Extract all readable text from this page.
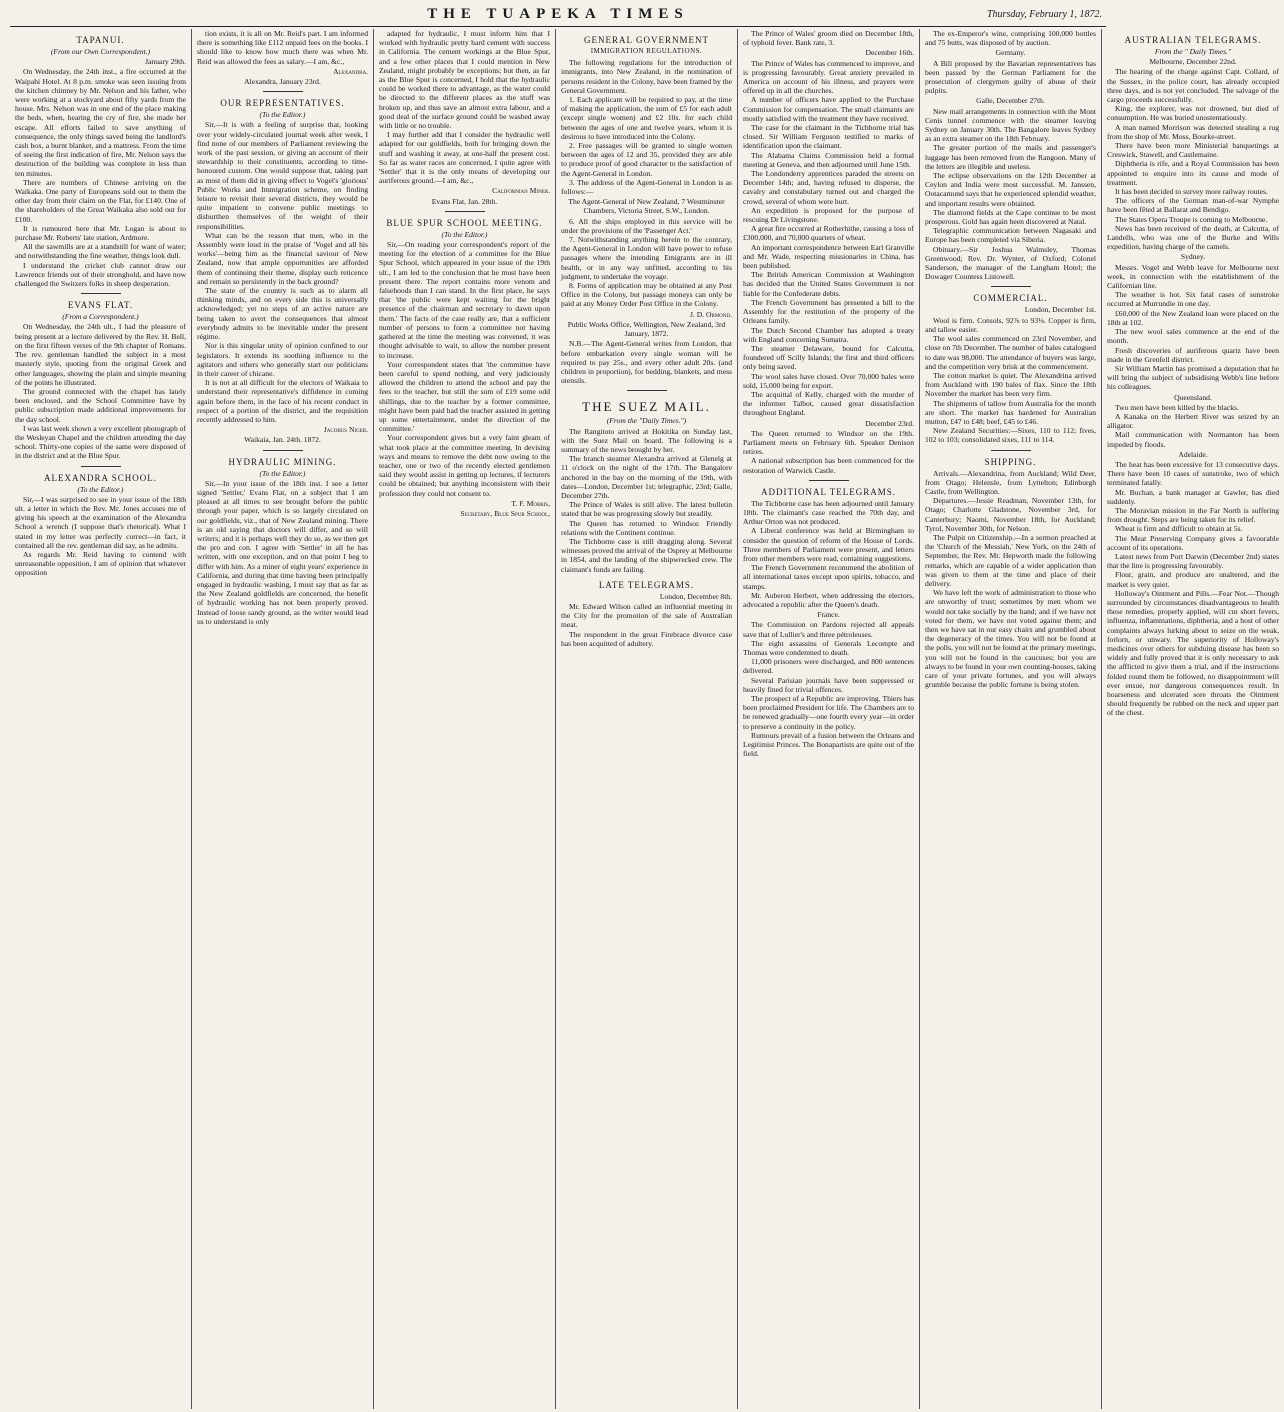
THE TUAPEKA TIMES	Thursday, February 1, 1872.
TAPANUI.
(From our Own Correspondent.)
January 29th.

On Wednesday, the 24th inst., a fire occurred at the Waipahi Hotel. At 8 p.m. smoke was seen issuing from the kitchen chimney by Mr. Nelson and his father, who were working at a stockyard about fifty yards from the house. Mrs. Nelson was in one end of the place making the beds, when, hearing the cry of fire, she made her escape. All efforts failed to save anything of consequence, the only things saved being the landlord's cash box, a burnt blanket, and a mattress. From the time of seeing the first indication of fire, Mr. Nelson says the destruction of the building was complete in less than ten minutes.

There are numbers of Chinese arriving on the Waikaka. One party of Europeans sold out to them the other day from their claim on the Flat, for £140. One of the shareholders of the Great Waikaka also sold out for £100.

It is rumoured here that Mr. Logan is about to purchase Mr. Roberts' late station, Ardmore.

All the sawmills are at a standstill for want of water; and notwithstanding the fine weather, things look dull.

I understand the cricket club cannot draw our Lawrence friends out of their stronghold, and have now challenged the Switzers folks in sheep desperation.

EVANS FLAT.
(From a Correspondent.)

On Wednesday, the 24th ult., I had the pleasure of being present at a lecture delivered by the Rev. H. Bell, on the first fifteen verses of the 9th chapter of Romans. The rev. gentleman handled the subject in a most masterly style, quoting from the original Greek and other languages, showing the plain and simple meaning of the points he illustrated.

The ground connected with the chapel has lately been enclosed, and the School Committee have by public subscription made additional improvements for the day school.

I was last week shown a very excellent photograph of the Wesleyan Chapel and the children attending the day school. Thirty-one copies of the same were disposed of in the district and at the Blue Spur.

ALEXANDRA SCHOOL.
(To the Editor.)

Sir,—I was surprised to see in your issue of the 18th ult. a letter in which the Rev. Mr. Jones accuses me of giving his speech at the examination of the Alexandra School a wrench (I suppose that's rhetorical). What I stated in my letter was perfectly correct—in fact, it contained all the rev. gentleman did say, as he admits.

As regards Mr. Reid having to contend with unreasonable opposition, I am of opinion that whatever opposition

tion exists, it is all on Mr. Reid's part. I am informed there is something like £112 unpaid fees on the books. I should like to know how much there was when Mr. Reid was allowed the fees as salary.—I am, &c.,

Alexandra.
Alexandra, January 23rd.
OUR REPRESENTATIVES.
(To the Editor.)

Sir,—It is with a feeling of surprise that, looking over your widely-circulated journal week after week, I find none of our members of Parliament reviewing the work of the past session, or giving an account of their stewardship to their constituents, according to time-honoured custom. One would suppose that, taking part as most of them did in giving effect to Vogel's 'glorious' Public Works and Immigration scheme, on finding leisure to revisit their several districts, they would be quite impatient to convene public meetings to disburthen themselves of the weight of their responsibilities.

What can be the reason that men, who in the Assembly were loud in the praise of 'Vogel and all his works'—being him as the financial saviour of New Zealand, now that ample opportunities are afforded them of continuing their theme, display such reticence and remain so persistently in the back ground?

The state of the country is such as to alarm all thinking minds, and on every side this is universally acknowledged; yet no steps of an active nature are being taken to avert the consequences that almost everybody admits to be inevitable under the present régime.

Nor is this singular unity of opinion confined to our legislators. It extends its soothing influence to the agitators and others who generally start our politicians in their career of chicane.

It is not at all difficult for the electors of Waikaia to understand their representative's diffidence in coming again before them, in the face of his recent conduct in respect of a portion of the district, and the requisition recently addressed to him.

Jacobus Niger.
Waikaia, Jan. 24th. 1872.
HYDRAULIC MINING.
(To the Editor.)

Sir,—In your issue of the 18th inst. I see a letter signed 'Settler,' Evans Flat, on a subject that I am pleased at all times to see brought before the public through your paper, which is so largely circulated on our goldfields, viz., that of New Zealand mining. There is an old saying that doctors will differ, and so will writers; and it is perhaps well they do so, as we then get the pro and con. I agree with 'Settler' in all he has written, with one exception, and on that point I beg to differ with him. As a miner of eight years' experience in California, and during that time having been principally engaged in hydraulic washing, I must say that as far as the New Zealand goldfields are concerned, the benefit of hydraulic working has not been properly proved. Instead of loose sandy ground, as the writer would lead us to understand is only

adapted for hydraulic, I must inform him that I worked with hydraulic pretty hard cement with success in California. The cement workings at the Blue Spur, and a few other places that I could mention in New Zealand, might probably be exceptions; but then, as far as the Blue Spur is concerned, I hold that the hydraulic could be worked there to advantage, as the water could be directed to the different places as the stuff was broken up, and thus save an almost extra labour, and a good deal of the surface ground could be washed away with little or no trouble.

I may further add that I consider the hydraulic well adapted for our goldfields, both for bringing down the stuff and washing it away, at one-half the present cost. So far as water races are concerned, I quite agree with 'Settler' that it is the only means of developing our auriferous ground.—I am, &c.,

Californian Miner.
Evans Flat, Jan. 28th.
BLUE SPUR SCHOOL MEETING.
(To the Editor.)

Sir,—On reading your correspondent's report of the meeting for the election of a committee for the Blue Spur School, which appeared in your issue of the 19th ult., I am led to the conclusion that he must have been present there. The report contains more venom and falsehoods than I can stand. In the first place, he says that 'the public were kept waiting for the bright presence of the chairman and secretary to dawn upon them.' The facts of the case really are, that a sufficient number of persons to form a committee not having gathered at the time the meeting was convened, it was thought advisable to wait, to allow the number present to increase.

Your correspondent states that 'the committee have been careful to spend nothing, and very judiciously allowed the children to attend the school and pay the fees to the teacher, but still the sum of £19 some odd shillings, due to the teacher by a former committee, might have been paid had the teacher assisted in getting up some entertainment, under the direction of the committee.'

Your correspondent gives but a very faint gleam of what took place at the committee meeting. In devising ways and means to remove the debt now owing to the teacher, one or two of the recently elected gentlemen said they would assist in getting up lectures, if lecturers could be obtained; but anything inconsistent with their profession they could not consent to.

T. F. Morris,
Secretary, Blue Spur School,
GENERAL GOVERNMENT
IMMIGRATION REGULATIONS.

The following regulations for the introduction of immigrants, into New Zealand, in the nomination of persons resident in the Colony, have been framed by the General Government.

1. Each applicant will be required to pay, at the time of making the application, the sum of £5 for each adult (except single women) and £2 10s. for each child between the ages of one and twelve years, whom it is desirous to have introduced into the Colony.

2. Free passages will be granted to single women between the ages of 12 and 35, provided they are able to produce proof of good character to the satisfaction of the Agent-General in London.

3. The address of the Agent-General in London is as follows:—

The Agent-General of New Zealand, 7 Westminster Chambers, Victoria Street, S.W., London.

6. All the ships employed in this service will be under the provisions of the 'Passenger Act.'

7. Notwithstanding anything herein to the contrary, the Agent-General in London will have power to refuse passages where the intending Emigrants are in ill health, or in any way unfitted, according to his judgment, to undertake the voyage.

8. Forms of application may be obtained at any Post Office in the Colony, but passage moneys can only be paid at any Money Order Post Office in the Colony.

J. D. Ormond.
Public Works Office, Wellington, New Zealand, 3rd January, 1872.

N.B.—The Agent-General writes from London, that before embarkation every single woman will be required to pay 25s., and every other adult 20s. (and children in proportion), for bedding, blankets, and mess utensils.

THE SUEZ MAIL.
(From the "Daily Times.")

The Rangitoto arrived at Hokitika on Sunday last, with the Suez Mail on board. The following is a summary of the news brought by her.

The branch steamer Alexandra arrived at Glenelg at 11 o'clock on the night of the 17th. The Bangalore anchored in the bay on the morning of the 19th, with dates—London, December 1st; telegraphic, 23rd; Galle, December 27th.

The Prince of Wales is still alive. The latest bulletin stated that he was progressing slowly but steadily.

The Queen has returned to Windsor. Friendly relations with the Continent continue.

The Tichborne case is still dragging along. Several witnesses proved the arrival of the Osprey at Melbourne in 1854, and the landing of the shipwrecked crew. The claimant's funds are failing.

LATE TELEGRAMS.
London, December 8th.

Mr. Edward Wilson called an influential meeting in the City for the promotion of the sale of Australian meat.

The respondent in the great Firebrace divorce case has been acquitted of adultery.

The Prince of Wales' groom died on December 18th, of typhoid fever. Bank rate, 3.

December 16th.

The Prince of Wales has commenced to improve, and is progressing favourably. Great anxiety prevailed in America on account of his illness, and prayers were offered up in all the churches.

A number of officers have applied to the Purchase Commission for compensation. The small claimants are mostly satisfied with the treatment they have received.

The case for the claimant in the Tichborne trial has closed. Sir William Ferguson testified to marks of identification upon the claimant.

The Alabama Claims Commission held a formal meeting at Geneva, and then adjourned until June 15th.

The Londonderry apprentices paraded the streets on December 14th; and, having refused to disperse, the cavalry and constabulary turned out and charged the crowd, several of whom were hurt.

An expedition is proposed for the purpose of rescuing Dr Livingstone.

A great fire occurred at Rotherhithe, causing a loss of £300,000, and 70,000 quarters of wheat.

An important correspondence between Earl Granville and Mr. Wade, respecting missionaries in China, has been published.

The British American Commission at Washington has decided that the United States Government is not liable for the Confederate debts.

The French Government has presented a bill to the Assembly for the restitution of the property of the Orleans family.

The Dutch Second Chamber has adopted a treaty with England concerning Sumatra.

The steamer Delaware, bound for Calcutta, foundered off Scilly Islands; the first and third officers only being saved.

The wool sales have closed. Over 70,000 bales were sold, 15,000 being for export.

The acquittal of Kelly, charged with the murder of the informer Talbot, caused great dissatisfaction throughout England.

December 23rd.

The Queen returned to Windsor on the 19th. Parliament meets on February 6th. Speaker Denison retires.

A national subscription has been commenced for the restoration of Warwick Castle.

ADDITIONAL TELEGRAMS.

The Tichborne case has been adjourned until January 18th. The claimant's case reached the 70th day, and Arthur Orton was not produced.

A Liberal conference was held at Birmingham to consider the question of reform of the House of Lords. Three members of Parliament were present, and letters from other members were read, containing suggestions.

The French Government recommend the abolition of all international taxes except upon spirits, tobacco, and stamps.

Mr. Auberon Herbert, when addressing the electors, advocated a republic after the Queen's death.

France.

The Commission on Pardons rejected all appeals save that of Lullier's and three pétroleuses.

The eight assassins of Generals Lecompte and Thomas were condemned to death.

11,000 prisoners were discharged, and 800 sentences delivered.

Several Parisian journals have been suppressed or heavily fined for trivial offences.

The prospect of a Republic are improving. Thiers has been proclaimed President for life. The Chambers are to be renewed gradually—one fourth every year—in order to preserve a continuity in the policy.

Rumours prevail of a fusion between the Orleans and Legitimist Princes. The Bonapartists are quite out of the field.

The ex-Emperor's wine, comprising 100,000 bottles and 75 butts, was disposed of by auction.

Germany.

A Bill proposed by the Bavarian representatives has been passed by the German Parliament for the prosecution of clergymen guilty of abuse of their pulpits.

Galle, December 27th.

New mail arrangements in connection with the Mont Cenis tunnel commence with the steamer leaving Sydney on January 30th. The Bangalore leaves Sydney as an extra steamer on the 18th February.

The greater portion of the mails and passenger's luggage has been removed from the Rangoon. Many of the letters are illegible and useless.

The eclipse observations on the 12th December at Ceylon and India were most successful. M. Janssen, Ootacamund says that he experienced splendid weather, and important results were obtained.

The diamond fields at the Cape continue to be most prosperous. Gold has again been discovered at Natal.

Telegraphic communication between Nagasaki and Europe has been completed via Siberia.

Obituary.—Sir Joshua Walmsley, Thomas Greenwood; Rev. Dr. Wynter, of Oxford; Colonel Sanderson, the manager of the Langham Hotel; the Dowager Countess Listowell.

COMMERCIAL.
London, December 1st.

Wool is firm. Consols, 92⅞ to 93⅛. Copper is firm, and tallow easier.

The wool sales commenced on 23rd November, and close on 7th December. The number of bales catalogued to date was 98,000. The attendance of buyers was large, and the competition very brisk at the commencement.

The cotton market is quiet. The Alexandrina arrived from Auckland with 190 bales of flax. Since the 18th November the market has been very firm.

The shipments of tallow from Australia for the month are short. The market has hardened for Australian mutton, £47 to £48; beef, £45 to £46.

New Zealand Securities:—Sixes, 110 to 112; fives, 102 to 103; consolidated sixes, 111 to 114.

SHIPPING.

Arrivals.—Alexandrina, from Auckland; Wild Deer, from Otago; Helensle, from Lyttelton; Edinburgh Castle, from Wellington.

Departures.—Jessie Readman, November 13th, for Otago; Charlotte Gladstone, November 3rd, for Canterbury; Naomi, November 18th, for Auckland; Tyrol, November 30th, for Nelson.

The Pulpit on Citizenship.—In a sermon preached at the 'Church of the Messiah,' New York, on the 24th of September, the Rev. Mr. Hepworth made the following remarks, which are capable of a wider application than was given to them at the time and place of their delivery.

We have left the work of administration to those who are unworthy of trust; sometimes by men whom we would not take socially by the hand; and if we have not voted for them, we have not voted against them; and then we have sat in our easy chairs and grumbled about the degeneracy of the times. You will not be found at the polls, you will not be found at the primary meetings, you will not be found in the caucuses; but you are always to be found in your own counting-houses, taking care of your private fortunes, and you will always grumble because the public fortune is being stolen.

AUSTRALIAN TELEGRAMS.
From the " Daily Times."
Melbourne, December 22nd.

The hearing of the charge against Capt. Collard, of the Sussex, in the police court, has already occupied three days, and is not yet concluded. The salvage of the cargo proceeds successfully.

King, the explorer, was not drowned, but died of consumption. He was buried unostentatiously.

A man named Morrison was detected stealing a rug from the shop of Mr. Moss, Bourke-street.

There have been more Ministerial banquetings at Creswick, Stawell, and Castlemaine.

Diphtheria is rife, and a Royal Commission has been appointed to enquire into its cause and mode of treatment.

It has been decided to survey more railway routes.

The officers of the German man-of-war Nymphe have been fêted at Ballarat and Bendigo.

The States Opera Troupe is coming to Melbourne.

News has been received of the death, at Calcutta, of Landells, who was one of the Burke and Wills expedition, having charge of the camels.

Sydney.

Messrs. Vogel and Webb leave for Melbourne next week, in connection with the establishment of the Californian line.

The weather is hot. Six fatal cases of sunstroke occurred at Murrundie in one day.

£60,000 of the New Zealand loan were placed on the 18th at 102.

The new wool sales commence at the end of the month.

Fresh discoveries of auriferous quartz have been made in the Grenfell district.

Sir William Martin has promised a deputation that he will bring the subject of subsidising Webb's line before his colleagues.

Queensland.

Two men have been killed by the blacks.

A Kanaka on the Herbert River was seized by an alligator.

Mail communication with Normanton has been impeded by floods.

Adelaide.

The heat has been excessive for 13 consecutive days. There have been 10 cases of sunstroke, two of which terminated fatally.

Mr. Buchan, a bank manager at Gawler, has died suddenly.

The Moravian mission in the Far North is suffering from drought. Steps are being taken for its relief.

Wheat is firm and difficult to obtain at 5s.

The Meat Preserving Company gives a favourable account of its operations.

Latest news from Port Darwin (December 2nd) states that the line is progressing favourably.

Flour, grain, and produce are unaltered, and the market is very quiet.

Holloway's Ointment and Pills.—Fear Not.—Though surrounded by circumstances disadvantageous to health these remedies, properly applied, will cut short fevers, influenza, inflammations, diphtheria, and a host of other complaints always lurking about to seize on the weak, forlorn, or unwary. The superiority of Holloway's medicines over others for subduing disease has been so widely and fully proved that it is only necessary to ask the afflicted to give them a trial, and if the instructions folded round them be followed, no disappointment will ever ensue, nor dangerous consequences result. In hoarseness and ulcerated sore throats the Ointment should frequently be rubbed on the neck and upper part of the chest.
